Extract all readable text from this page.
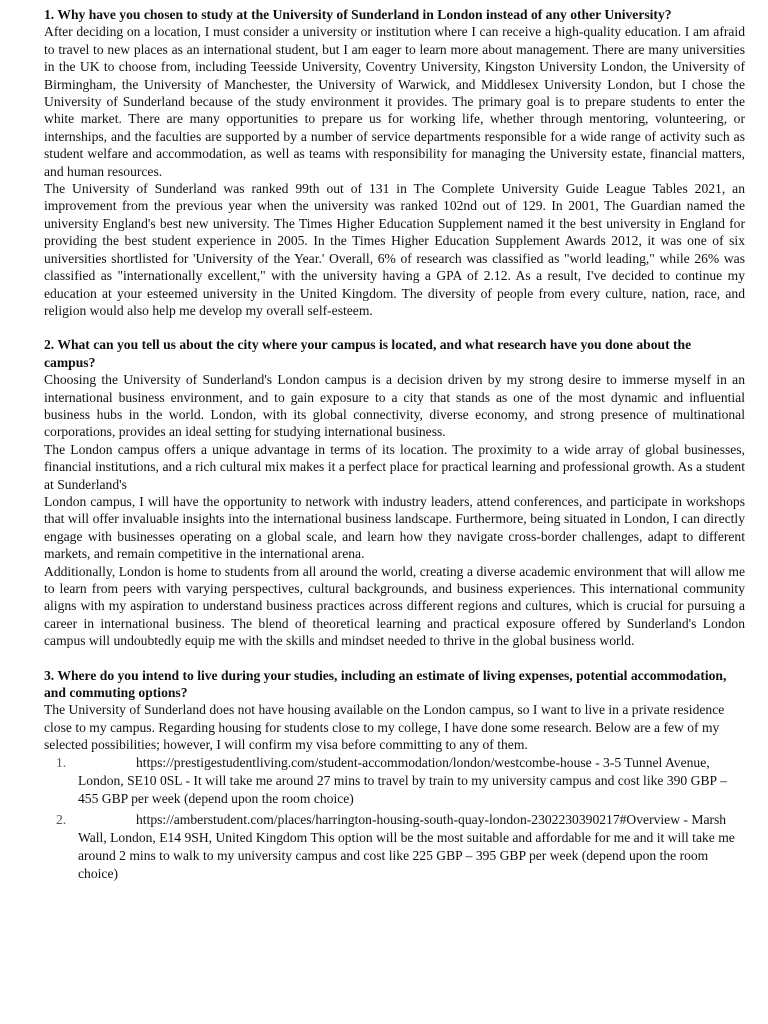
1. Why have you chosen to study at the University of Sunderland in London instead of any other University?

After deciding on a location, I must consider a university or institution where I can receive a high-quality education. I am afraid to travel to new places as an international student, but I am eager to learn more about management. There are many universities in the UK to choose from, including Teesside University, Coventry University, Kingston University London, the University of Birmingham, the University of Manchester, the University of Warwick, and Middlesex University London, but I chose the University of Sunderland because of the study environment it provides. The primary goal is to prepare students to enter the white market. There are many opportunities to prepare us for working life, whether through mentoring, volunteering, or internships, and the faculties are supported by a number of service departments responsible for a wide range of activity such as student welfare and accommodation, as well as teams with responsibility for managing the University estate, financial matters, and human resources.

The University of Sunderland was ranked 99th out of 131 in The Complete University Guide League Tables 2021, an improvement from the previous year when the university was ranked 102nd out of 129. In 2001, The Guardian named the university England's best new university. The Times Higher Education Supplement named it the best university in England for providing the best student experience in 2005. In the Times Higher Education Supplement Awards 2012, it was one of six universities shortlisted for 'University of the Year.' Overall, 6% of research was classified as "world leading," while 26% was classified as "internationally excellent," with the university having a GPA of 2.12. As a result, I've decided to continue my education at your esteemed university in the United Kingdom. The diversity of people from every culture, nation, race, and religion would also help me develop my overall self-esteem.

2. What can you tell us about the city where your campus is located, and what research have you done about the campus?

Choosing the University of Sunderland's London campus is a decision driven by my strong desire to immerse myself in an international business environment, and to gain exposure to a city that stands as one of the most dynamic and influential business hubs in the world. London, with its global connectivity, diverse economy, and strong presence of multinational corporations, provides an ideal setting for studying international business.

The London campus offers a unique advantage in terms of its location. The proximity to a wide array of global businesses, financial institutions, and a rich cultural mix makes it a perfect place for practical learning and professional growth. As a student at Sunderland's

London campus, I will have the opportunity to network with industry leaders, attend conferences, and participate in workshops that will offer invaluable insights into the international business landscape. Furthermore, being situated in London, I can directly engage with businesses operating on a global scale, and learn how they navigate cross-border challenges, adapt to different markets, and remain competitive in the international arena.

Additionally, London is home to students from all around the world, creating a diverse academic environment that will allow me to learn from peers with varying perspectives, cultural backgrounds, and business experiences. This international community aligns with my aspiration to understand business practices across different regions and cultures, which is crucial for pursuing a career in international business. The blend of theoretical learning and practical exposure offered by Sunderland's London campus will undoubtedly equip me with the skills and mindset needed to thrive in the global business world.

3. Where do you intend to live during your studies, including an estimate of living expenses, potential accommodation, and commuting options?

The University of Sunderland does not have housing available on the London campus, so I want to live in a private residence close to my campus. Regarding housing for students close to my college, I have done some research. Below are a few of my selected possibilities; however, I will confirm my visa before committing to any of them.

1.	https://prestigestudentliving.com/student-accommodation/london/westcombe-house - 3-5 Tunnel Avenue, London, SE10 0SL - It will take me around 27 mins to travel by train to my university campus and cost like 390 GBP – 455 GBP per week (depend upon the room choice)
2.	https://amberstudent.com/places/harrington-housing-south-quay-london-2302230390217#Overview - Marsh Wall, London, E14 9SH, United Kingdom This option will be the most suitable and affordable for me and it will take me around 2 mins to walk to my university campus and cost like 225 GBP – 395 GBP per week (depend upon the room choice)
